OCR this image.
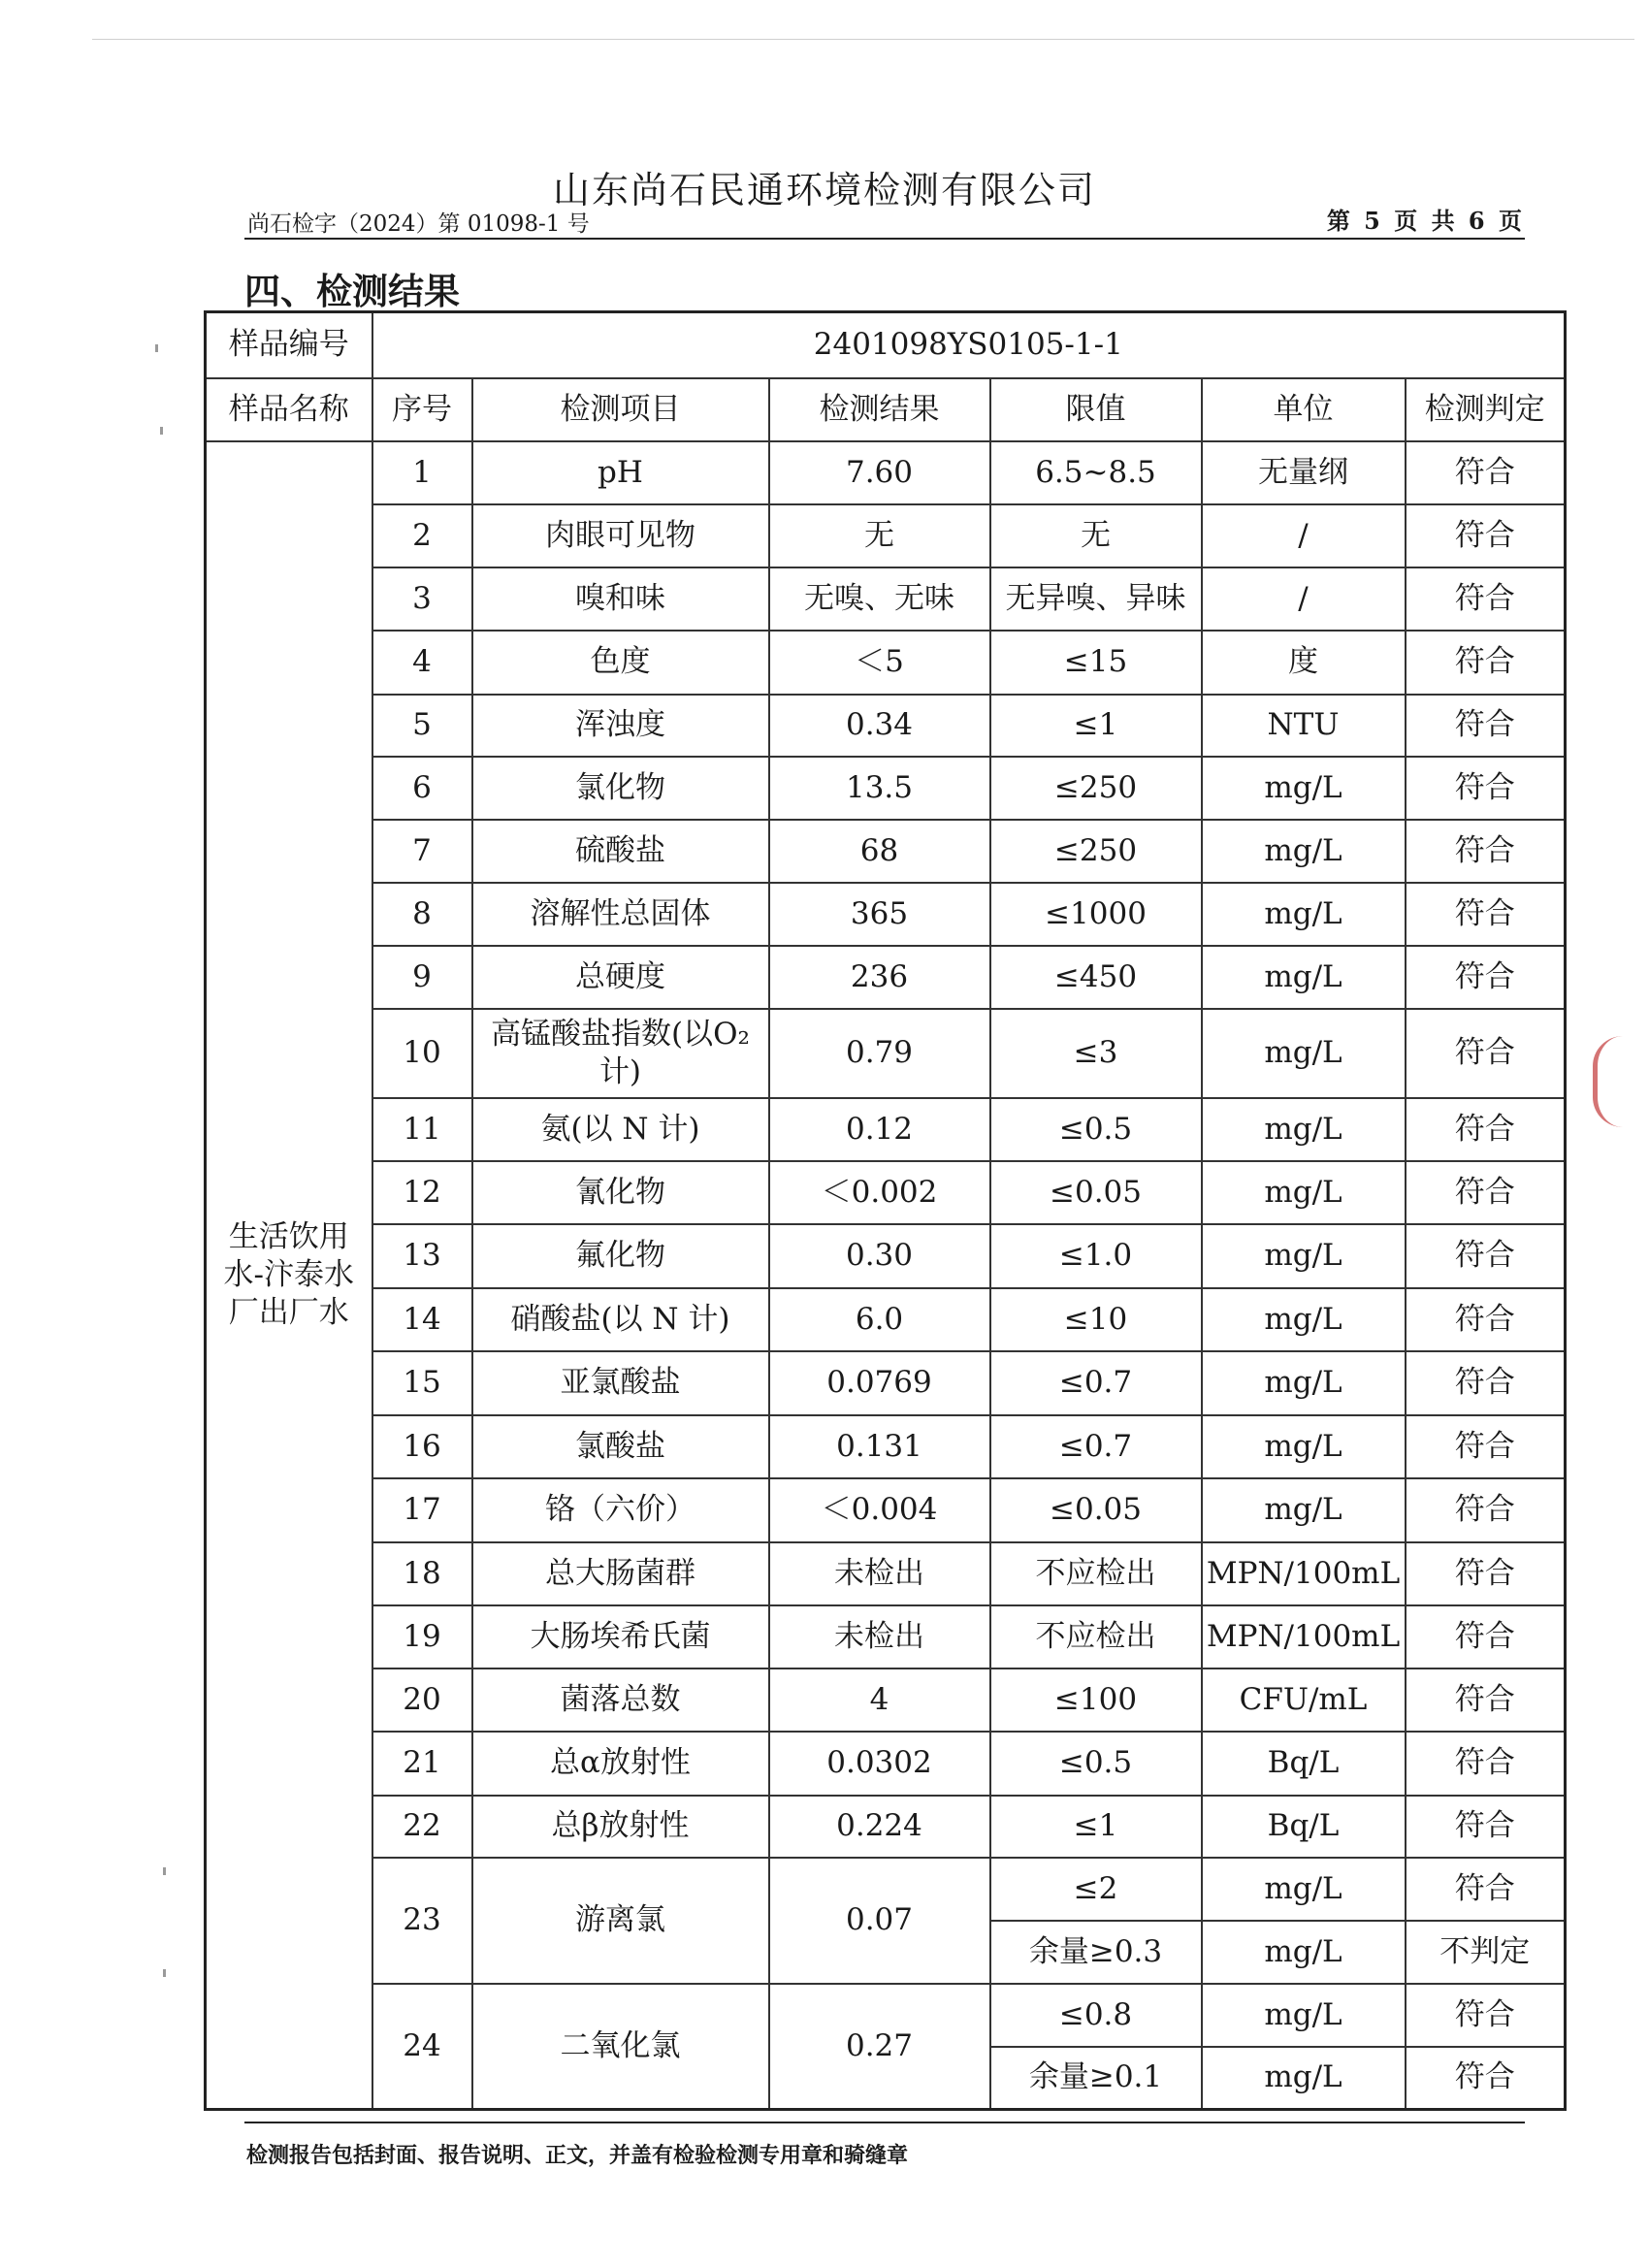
山东尚石民通环境检测有限公司
尚石检字（2024）第 01098-1 号	第 5 页 共 6 页
四、检测结果
样品编号	2401098YS0105-1-1					
样品名称	序号	检测项目	检测结果	限值	单位	检测判定
生活饮用水-汴泰水厂出厂水	1	pH	7.60	6.5~8.5	无量纲	符合
	2	肉眼可见物	无	无	/	符合
	3	嗅和味	无嗅、无味	无异嗅、异味	/	符合
	4	色度	＜5	≤15	度	符合
	5	浑浊度	0.34	≤1	NTU	符合
	6	氯化物	13.5	≤250	mg/L	符合
	7	硫酸盐	68	≤250	mg/L	符合
	8	溶解性总固体	365	≤1000	mg/L	符合
	9	总硬度	236	≤450	mg/L	符合
	10	高锰酸盐指数(以O₂计)	0.79	≤3	mg/L	符合
	11	氨(以 N 计)	0.12	≤0.5	mg/L	符合
	12	氰化物	＜0.002	≤0.05	mg/L	符合
	13	氟化物	0.30	≤1.0	mg/L	符合
	14	硝酸盐(以 N 计)	6.0	≤10	mg/L	符合
	15	亚氯酸盐	0.0769	≤0.7	mg/L	符合
	16	氯酸盐	0.131	≤0.7	mg/L	符合
	17	铬（六价）	＜0.004	≤0.05	mg/L	符合
	18	总大肠菌群	未检出	不应检出	MPN/100mL	符合
	19	大肠埃希氏菌	未检出	不应检出	MPN/100mL	符合
	20	菌落总数	4	≤100	CFU/mL	符合
	21	总α放射性	0.0302	≤0.5	Bq/L	符合
	22	总β放射性	0.224	≤1	Bq/L	符合
	23	游离氯	0.07	≤2	mg/L	符合
				余量≥0.3	mg/L	不判定
	24	二氧化氯	0.27	≤0.8	mg/L	符合
				余量≥0.1	mg/L	符合
检测报告包括封面、报告说明、正文，并盖有检验检测专用章和骑缝章
